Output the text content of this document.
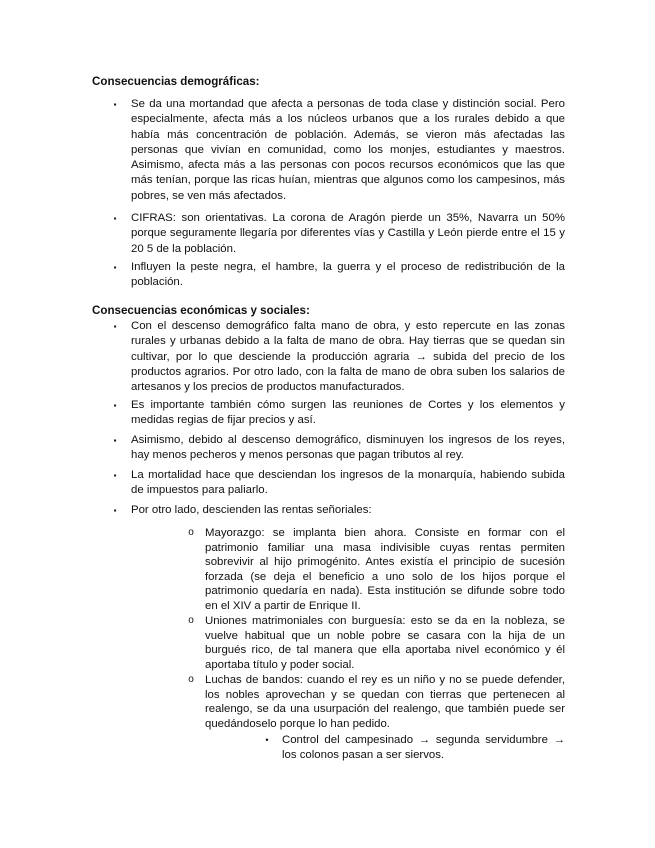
Consecuencias demográficas:
▪ Se da una mortandad que afecta a personas de toda clase y distinción social. Pero especialmente, afecta más a los núcleos urbanos que a los rurales debido a que había más concentración de población. Además, se vieron más afectadas las personas que vivían en comunidad, como los monjes, estudiantes y maestros. Asimismo, afecta más a las personas con pocos recursos económicos que las que más tenían, porque las ricas huían, mientras que algunos como los campesinos, más pobres, se ven más afectados.
▪ CIFRAS: son orientativas. La corona de Aragón pierde un 35%, Navarra un 50% porque seguramente llegaría por diferentes vías y Castilla y León pierde entre el 15 y 20 5 de la población.
▪ Influyen la peste negra, el hambre, la guerra y el proceso de redistribución de la población.
Consecuencias económicas y sociales:
▪ Con el descenso demográfico falta mano de obra, y esto repercute en las zonas rurales y urbanas debido a la falta de mano de obra. Hay tierras que se quedan sin cultivar, por lo que desciende la producción agraria → subida del precio de los productos agrarios. Por otro lado, con la falta de mano de obra suben los salarios de artesanos y los precios de productos manufacturados.
▪ Es importante también cómo surgen las reuniones de Cortes y los elementos y medidas regias de fijar precios y así.
▪ Asimismo, debido al descenso demográfico, disminuyen los ingresos de los reyes, hay menos pecheros y menos personas que pagan tributos al rey.
▪ La mortalidad hace que desciendan los ingresos de la monarquía, habiendo subida de impuestos para paliarlo.
▪ Por otro lado, descienden las rentas señoriales:
o Mayorazgo: se implanta bien ahora. Consiste en formar con el patrimonio familiar una masa indivisible cuyas rentas permiten sobrevivir al hijo primogénito. Antes existía el principio de sucesión forzada (se deja el beneficio a uno solo de los hijos porque el patrimonio quedaría en nada). Esta institución se difunde sobre todo en el XIV a partir de Enrique II.
o Uniones matrimoniales con burguesía: esto se da en la nobleza, se vuelve habitual que un noble pobre se casara con la hija de un burgués rico, de tal manera que ella aportaba nivel económico y él aportaba título y poder social.
o Luchas de bandos: cuando el rey es un niño y no se puede defender, los nobles aprovechan y se quedan con tierras que pertenecen al realengo, se da una usurpación del realengo, que también puede ser quedándoselo porque lo han pedido.
•	Control del campesinado → segunda servidumbre → los colonos pasan a ser siervos.
